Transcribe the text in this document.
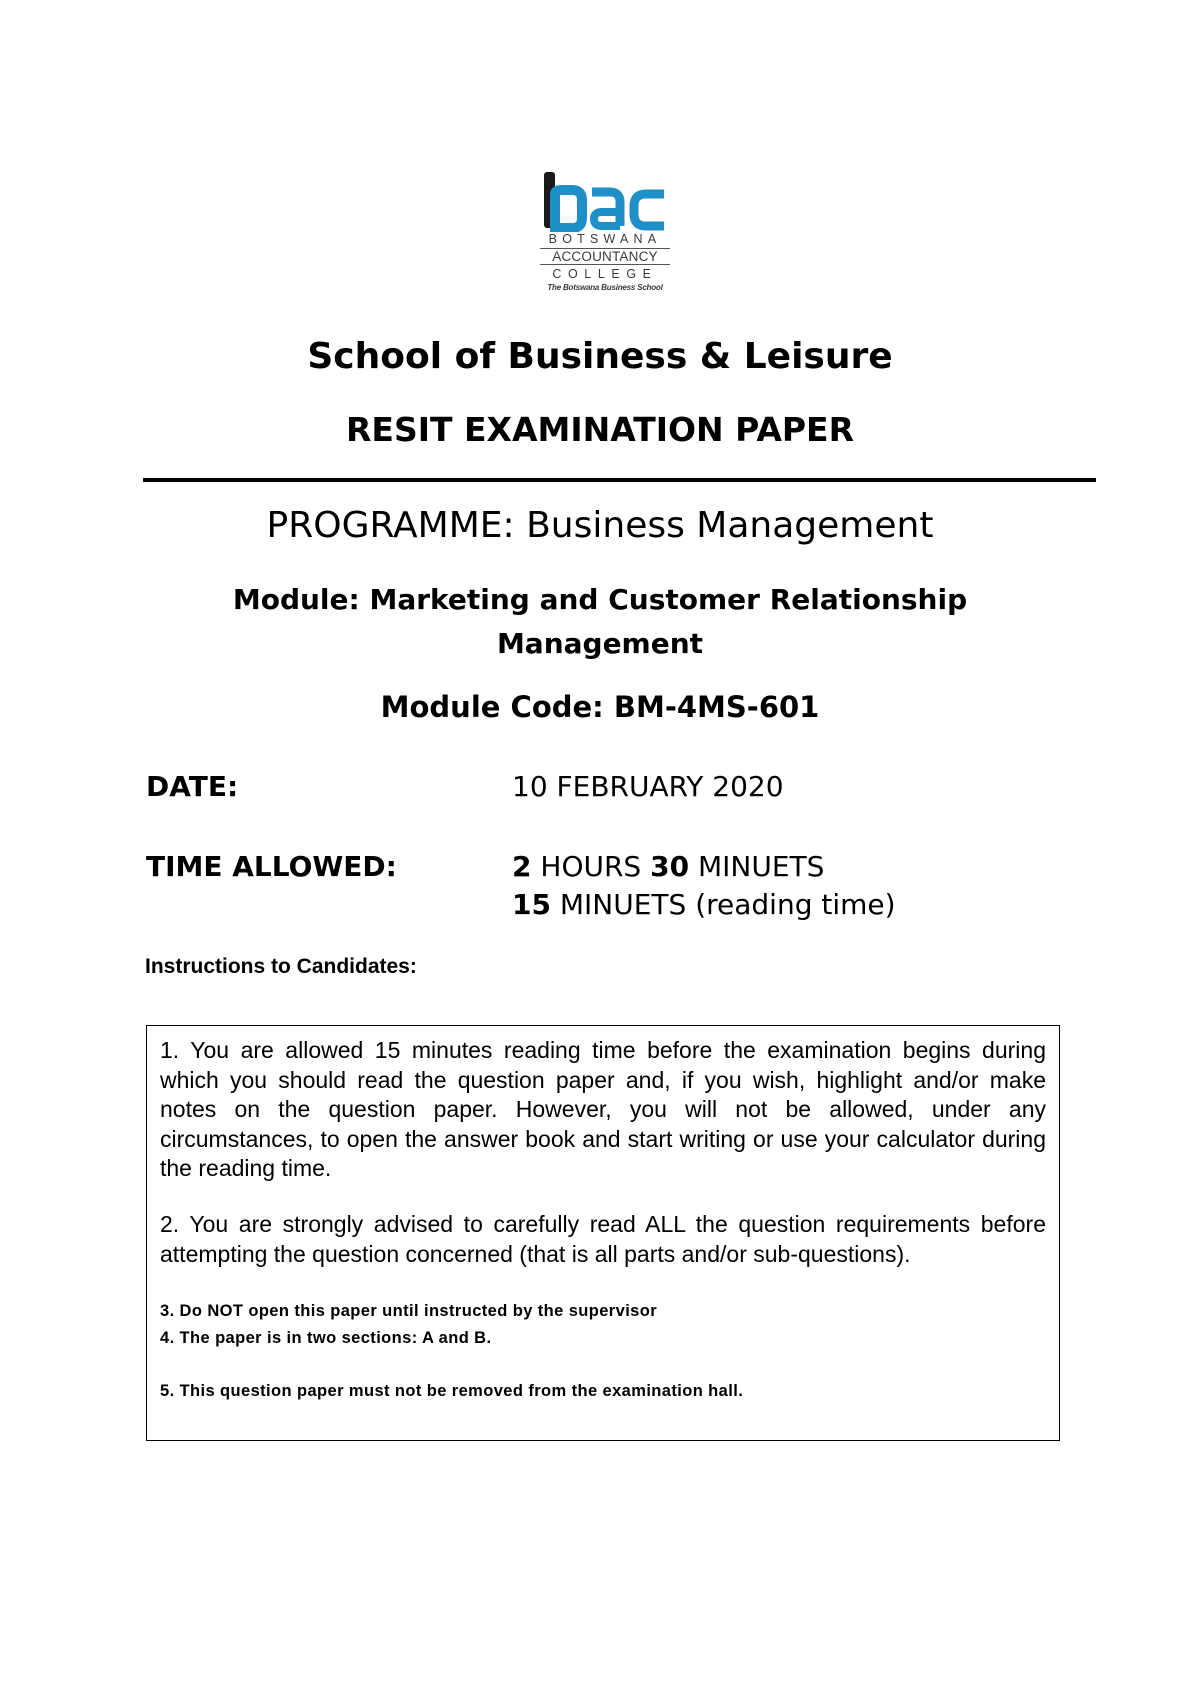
BOTSWANA
ACCOUNTANCY
COLLEGE
The Botswana Business School
School of Business & Leisure
RESIT EXAMINATION PAPER
PROGRAMME: Business Management
Module: Marketing and Customer Relationship
Management
Module Code: BM-4MS-601
DATE:	10 FEBRUARY 2020
TIME ALLOWED:	2 HOURS 30 MINUETS
15 MINUETS (reading time)
Instructions to Candidates:
1. You are allowed 15 minutes reading time before the examination begins during which you should read the question paper and, if you wish, highlight and/or make notes on the question paper. However, you will not be allowed, under any circumstances, to open the answer book and start writing or use your calculator during the reading time.
2. You are strongly advised to carefully read ALL the question requirements before attempting the question concerned (that is all parts and/or sub-questions).
3. Do NOT open this paper until instructed by the supervisor
4. The paper is in two sections: A and B.
5. This question paper must not be removed from the examination hall.
